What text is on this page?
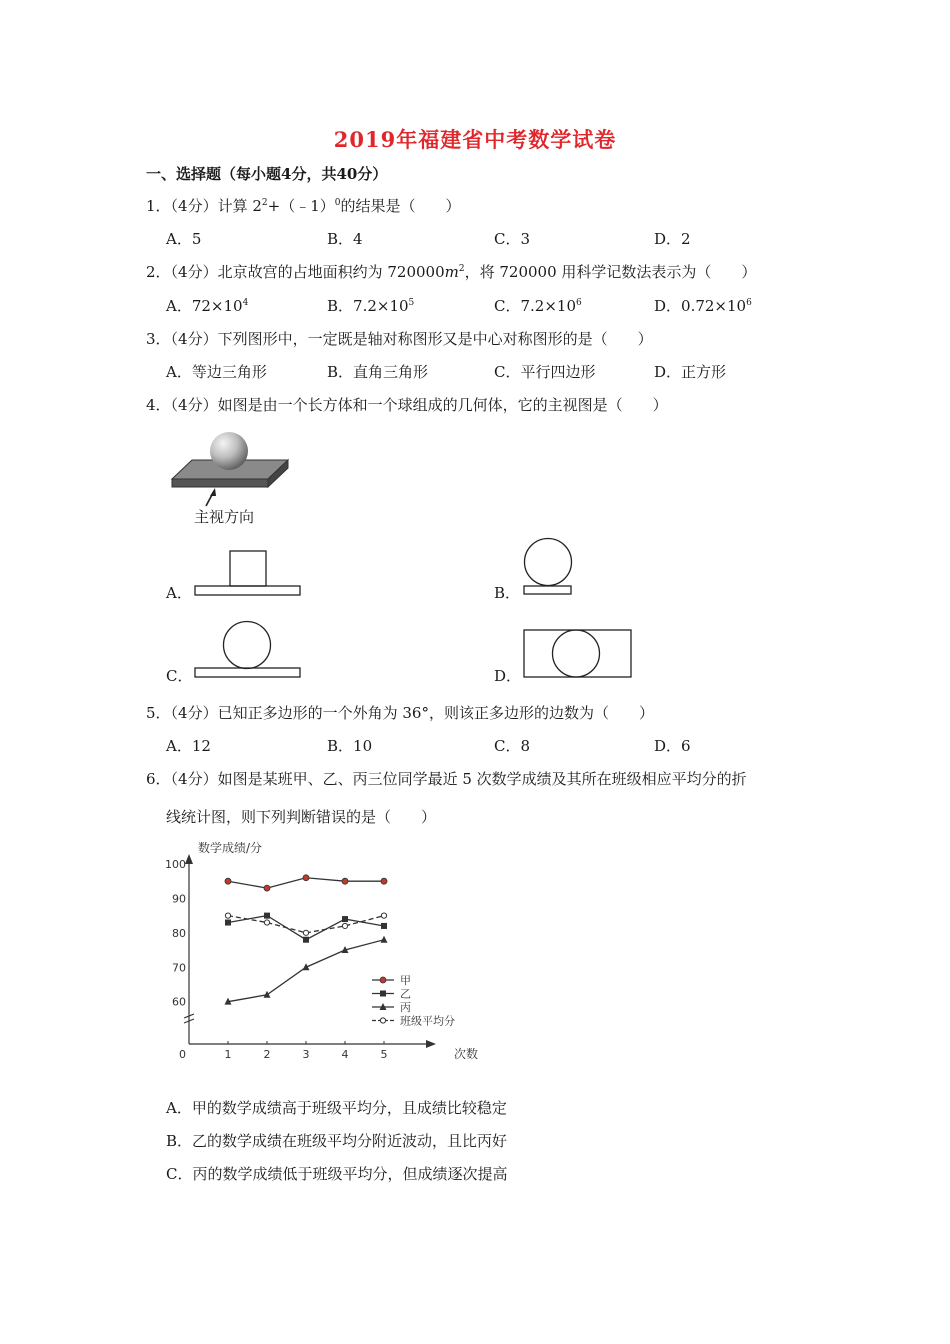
2019年福建省中考数学试卷
一、选择题（每小题4分，共40分）
1．（4分）计算 $2^2+(﹣1)^0$的结果是（　　）
A．5	B．4	C．3	D．2
2．（4分）北京故宫的占地面积约为 $720000m^2$，将 720000 用科学记数法表示为（　　）
A．$72\times 10^4$	B．$7.2\times 10^5$	C．$7.2\times 10^6$	D．$0.72\times 10^6$
3．（4分）下列图形中，一定既是轴对称图形又是中心对称图形的是（　　）
A．等边三角形	B．直角三角形	C．平行四边形	D．正方形
4．（4分）如图是由一个长方体和一个球组成的几何体，它的主视图是（　　）
主视方向
A．	B．
C．	D．
5．（4分）已知正多边形的一个外角为 36°，则该正多边形的边数为（　　）
A．12	B．10	C．8	D．6
6．（4分）如图是某班甲、乙、丙三位同学最近 5 次数学成绩及其所在班级相应平均分的折
线统计图，则下列判断错误的是（　　）
60
70
80
90
100
0	1	2	3	4	5
数学成绩/分
次数
甲
乙
丙
班级平均分
A．甲的数学成绩高于班级平均分，且成绩比较稳定
B．乙的数学成绩在班级平均分附近波动，且比丙好
C．丙的数学成绩低于班级平均分，但成绩逐次提高
